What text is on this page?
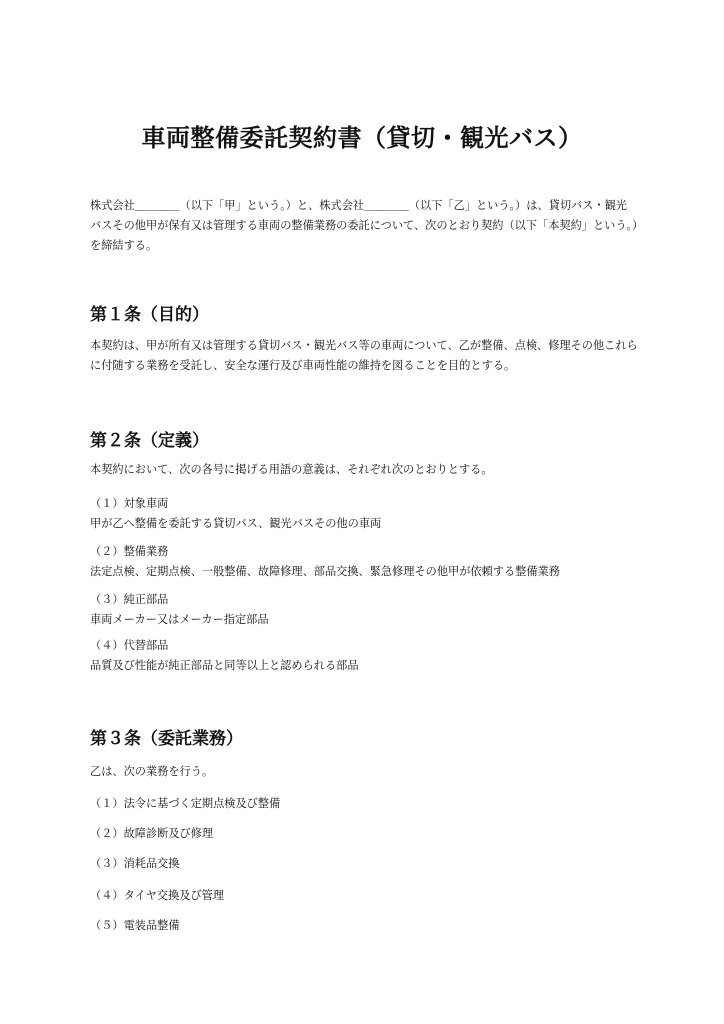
車両整備委託契約書（貸切・観光バス）

株式会社＿＿＿＿（以下「甲」という。）と、株式会社＿＿＿＿（以下「乙」という。）は、貸切バス・観光バスその他甲が保有又は管理する車両の整備業務の委託について、次のとおり契約（以下「本契約」という。）を締結する。

第１条（目的）

本契約は、甲が所有又は管理する貸切バス・観光バス等の車両について、乙が整備、点検、修理その他これらに付随する業務を受託し、安全な運行及び車両性能の維持を図ることを目的とする。

第２条（定義）

本契約において、次の各号に掲げる用語の意義は、それぞれ次のとおりとする。

（１）対象車両
甲が乙へ整備を委託する貸切バス、観光バスその他の車両
（２）整備業務
法定点検、定期点検、一般整備、故障修理、部品交換、緊急修理その他甲が依頼する整備業務
（３）純正部品
車両メーカー又はメーカー指定部品
（４）代替部品
品質及び性能が純正部品と同等以上と認められる部品
第３条（委託業務）

乙は、次の業務を行う。

（１）法令に基づく定期点検及び整備

（２）故障診断及び修理

（３）消耗品交換

（４）タイヤ交換及び管理

（５）電装品整備
